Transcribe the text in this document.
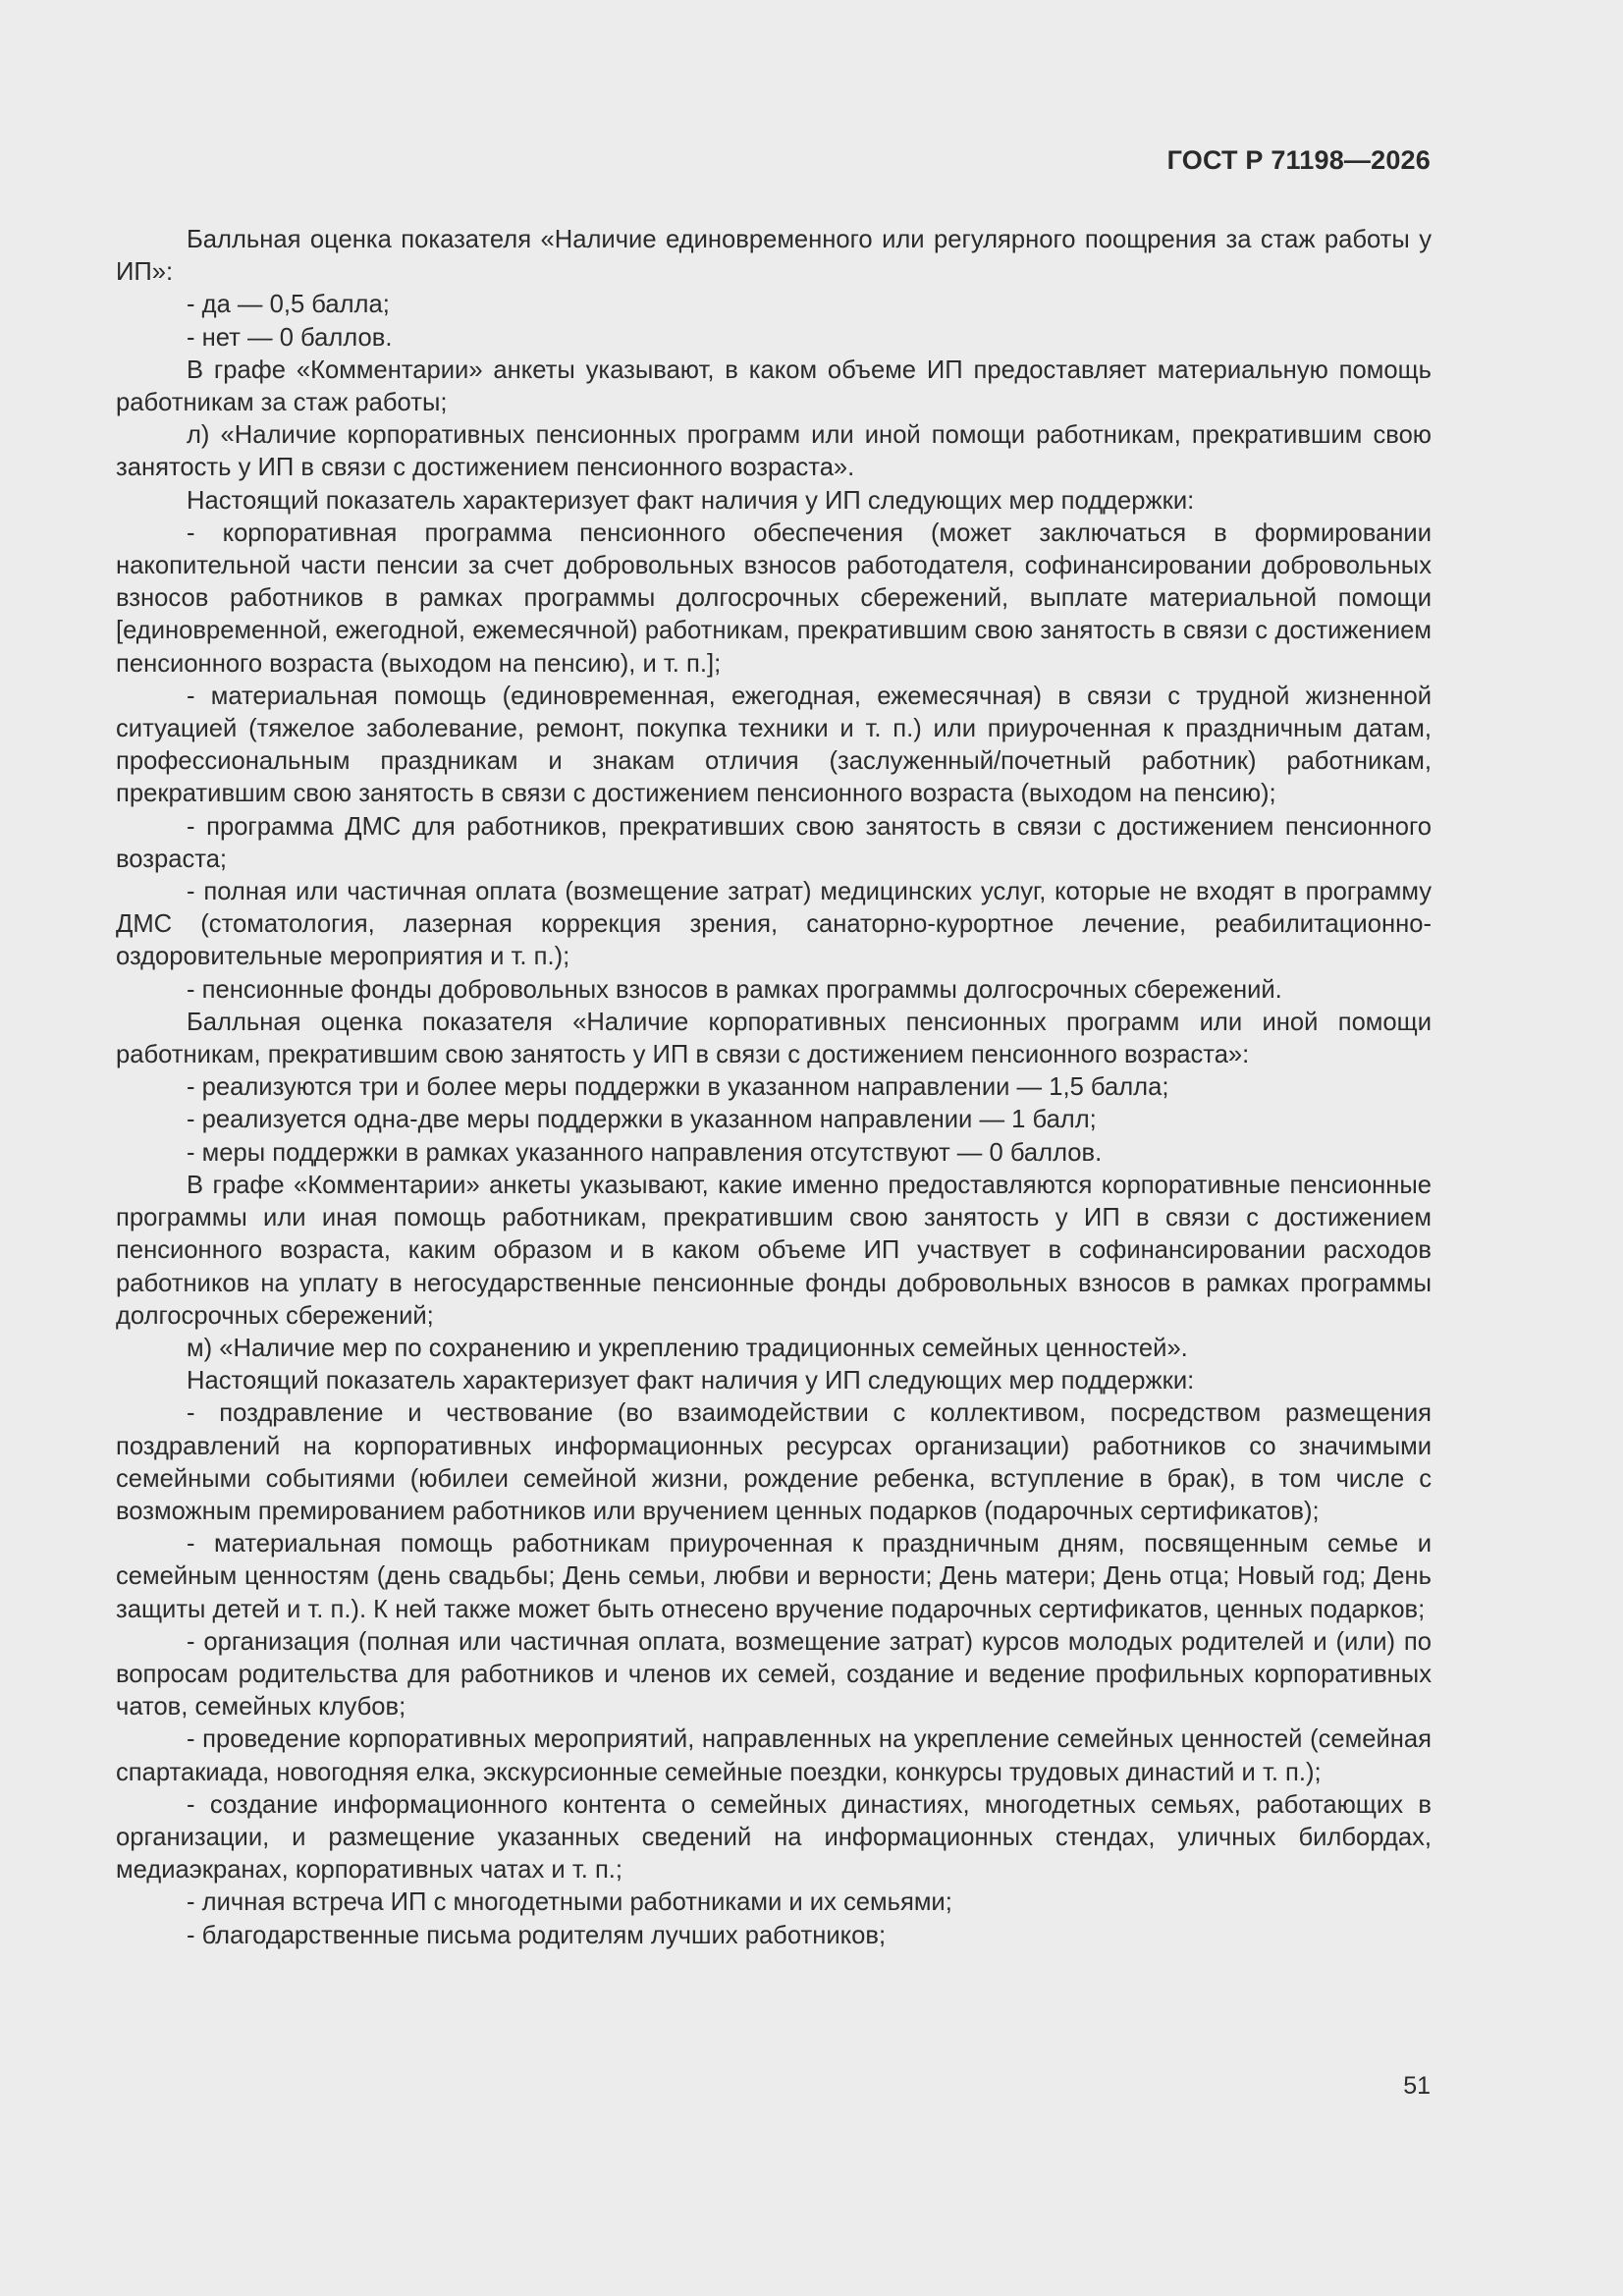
ГОСТ Р 71198—2026

Балльная оценка показателя «Наличие единовременного или регулярного поощрения за стаж работы у ИП»:

- да — 0,5 балла;

- нет — 0 баллов.

В графе «Комментарии» анкеты указывают, в каком объеме ИП предоставляет материальную помощь работникам за стаж работы;

л) «Наличие корпоративных пенсионных программ или иной помощи работникам, прекратившим свою занятость у ИП в связи с достижением пенсионного возраста».

Настоящий показатель характеризует факт наличия у ИП следующих мер поддержки:

- корпоративная программа пенсионного обеспечения (может заключаться в формировании накопительной части пенсии за счет добровольных взносов работодателя, софинансировании добровольных взносов работников в рамках программы долгосрочных сбережений, выплате материальной помощи [единовременной, ежегодной, ежемесячной) работникам, прекратившим свою занятость в связи с достижением пенсионного возраста (выходом на пенсию), и т. п.];

- материальная помощь (единовременная, ежегодная, ежемесячная) в связи с трудной жизненной ситуацией (тяжелое заболевание, ремонт, покупка техники и т. п.) или приуроченная к праздничным датам, профессиональным праздникам и знакам отличия (заслуженный/почетный работник) работникам, прекратившим свою занятость в связи с достижением пенсионного возраста (выходом на пенсию);

- программа ДМС для работников, прекративших свою занятость в связи с достижением пенсионного возраста;

- полная или частичная оплата (возмещение затрат) медицинских услуг, которые не входят в программу ДМС (стоматология, лазерная коррекция зрения, санаторно-курортное лечение, реабилитационно-оздоровительные мероприятия и т. п.);

- пенсионные фонды добровольных взносов в рамках программы долгосрочных сбережений.

Балльная оценка показателя «Наличие корпоративных пенсионных программ или иной помощи работникам, прекратившим свою занятость у ИП в связи с достижением пенсионного возраста»:

- реализуются три и более меры поддержки в указанном направлении — 1,5 балла;

- реализуется одна-две меры поддержки в указанном направлении — 1 балл;

- меры поддержки в рамках указанного направления отсутствуют — 0 баллов.

В графе «Комментарии» анкеты указывают, какие именно предоставляются корпоративные пенсионные программы или иная помощь работникам, прекратившим свою занятость у ИП в связи с достижением пенсионного возраста, каким образом и в каком объеме ИП участвует в софинансировании расходов работников на уплату в негосударственные пенсионные фонды добровольных взносов в рамках программы долгосрочных сбережений;

м) «Наличие мер по сохранению и укреплению традиционных семейных ценностей».

Настоящий показатель характеризует факт наличия у ИП следующих мер поддержки:

- поздравление и чествование (во взаимодействии с коллективом, посредством размещения поздравлений на корпоративных информационных ресурсах организации) работников со значимыми семейными событиями (юбилеи семейной жизни, рождение ребенка, вступление в брак), в том числе с возможным премированием работников или вручением ценных подарков (подарочных сертификатов);

- материальная помощь работникам приуроченная к праздничным дням, посвященным семье и семейным ценностям (день свадьбы; День семьи, любви и верности; День матери; День отца; Новый год; День защиты детей и т. п.). К ней также может быть отнесено вручение подарочных сертификатов, ценных подарков;

- организация (полная или частичная оплата, возмещение затрат) курсов молодых родителей и (или) по вопросам родительства для работников и членов их семей, создание и ведение профильных корпоративных чатов, семейных клубов;

- проведение корпоративных мероприятий, направленных на укрепление семейных ценностей (семейная спартакиада, новогодняя елка, экскурсионные семейные поездки, конкурсы трудовых династий и т. п.);

- создание информационного контента о семейных династиях, многодетных семьях, работающих в организации, и размещение указанных сведений на информационных стендах, уличных билбордах, медиаэкранах, корпоративных чатах и т. п.;

- личная встреча ИП с многодетными работниками и их семьями;

- благодарственные письма родителям лучших работников;

51
